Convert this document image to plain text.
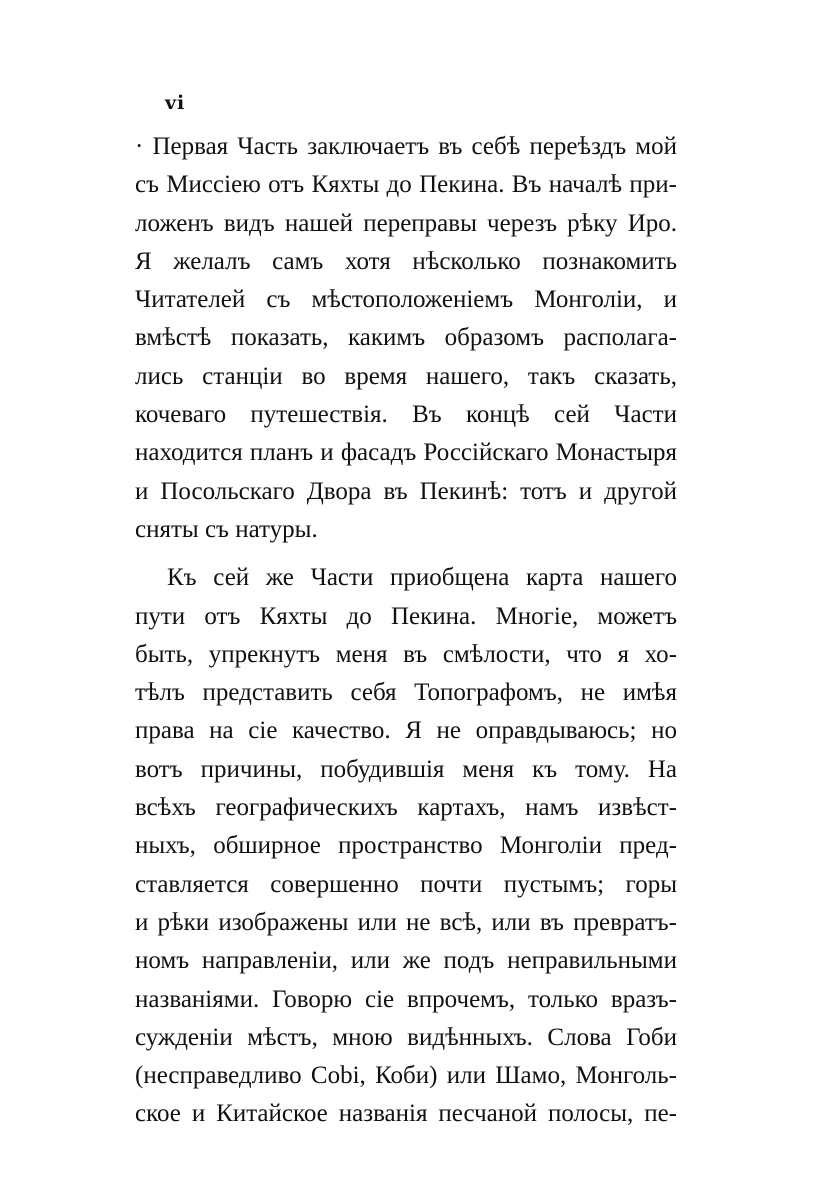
vi
· Первая Часть заключаетъ въ себѣ переѣздъ мой
съ Миссiею отъ Кяхты до Пекина. Въ началѣ при-
ложенъ видъ нашей переправы черезъ рѣку Иро.
Я желалъ самъ хотя нѣсколько познакомить
Читателей съ мѣстоположенiемъ Монголiи, и
вмѣстѣ показать, какимъ образомъ располага-
лись станцiи во время нашего, такъ сказать,
кочеваго путешествiя. Въ концѣ сей Части
находится планъ и фасадъ Россiйскаго Монастыря
и Посольскаго Двора въ Пекинѣ: тотъ и другой
сняты съ натуры.
Къ сей же Части приобщена карта нашего
пути отъ Кяхты до Пекина. Многiе, можетъ
быть, упрекнутъ меня въ смѣлости, что я хо-
тѣлъ представить себя Топографомъ, не имѣя
права на сiе качество. Я не оправдываюсь; но
вотъ причины, побудившiя меня къ тому. На
всѣхъ географическихъ картахъ, намъ извѣст-
ныхъ, обширное пространство Монголiи пред-
ставляется совершенно почти пустымъ; горы
и рѣки изображены или не всѣ, или въ превратъ-
номъ направленiи, или же подъ неправильными
названiями. Говорю сiе впрочемъ, только вразъ-
сужденiи мѣстъ, мною видѣнныхъ. Слова Гоби
(несправедливо Cobi, Коби) или Шамо, Монголь-
ское и Китайское названiя песчаной полосы, пе-
